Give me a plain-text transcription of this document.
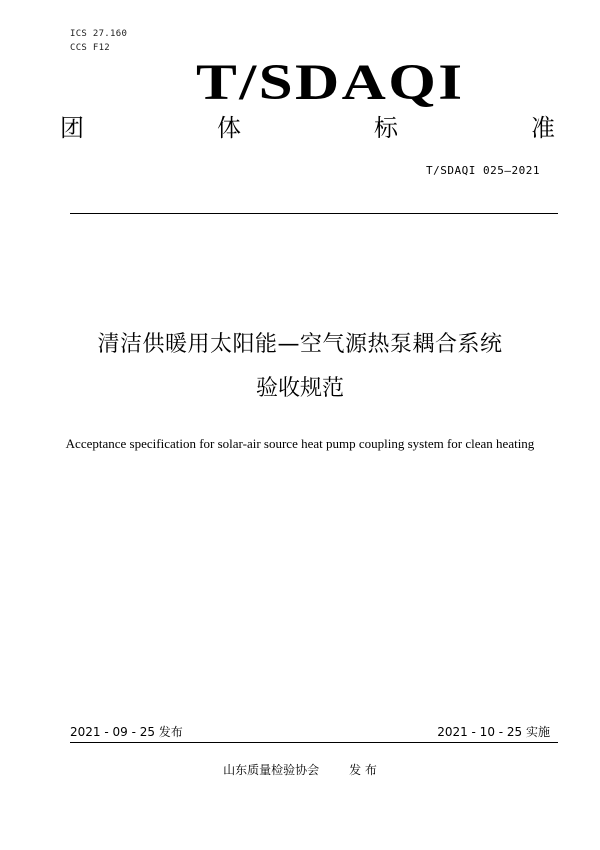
ICS 27.160
CCS F12
T/SDAQI
团	体	标	准
T/SDAQI 025—2021
清洁供暖用太阳能—空气源热泵耦合系统
验收规范
Acceptance specification for solar-air source heat pump coupling system for clean heating
2021 - 09 - 25 发布	2021 - 10 - 25 实施
山东质量检验协会	发 布
